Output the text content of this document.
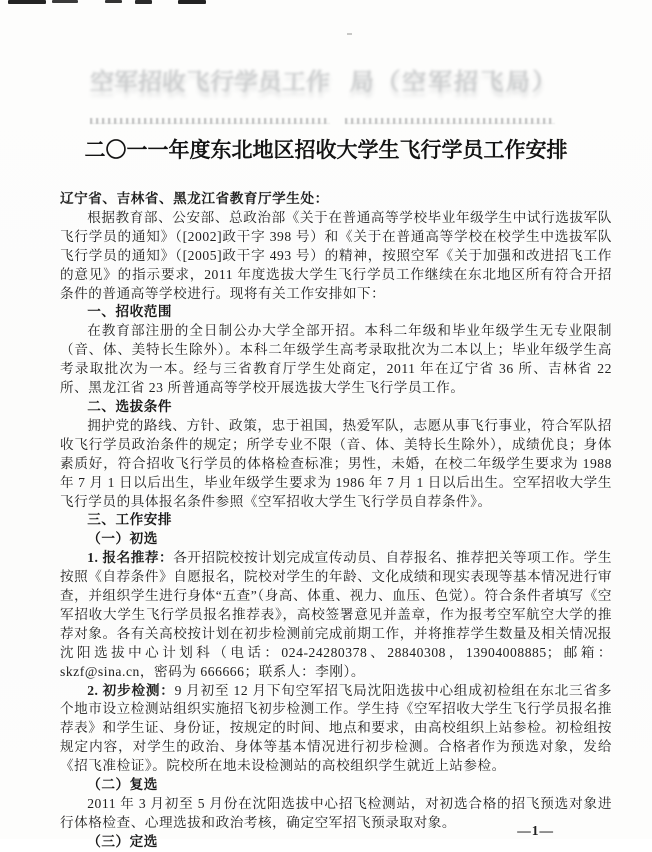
空军招收飞行学员工作 局（空军招飞局）
二〇一一年度东北地区招收大学生飞行学员工作安排

辽宁省、吉林省、黑龙江省教育厅学生处：

根据教育部、公安部、总政治部《关于在普通高等学校毕业年级学生中试行选拔军队飞行学员的通知》（[2002]政干字 398 号）和《关于在普通高等学校在校学生中选拔军队飞行学员的通知》（[2005]政干字 493 号）的精神，按照空军《关于加强和改进招飞工作的意见》的指示要求，2011 年度选拔大学生飞行学员工作继续在东北地区所有符合开招条件的普通高等学校进行。现将有关工作安排如下：

一、招收范围

在教育部注册的全日制公办大学全部开招。本科二年级和毕业年级学生无专业限制（音、体、美特长生除外）。本科二年级学生高考录取批次为二本以上；毕业年级学生高考录取批次为一本。经与三省教育厅学生处商定，2011 年在辽宁省 36 所、吉林省 22 所、黑龙江省 23 所普通高等学校开展选拔大学生飞行学员工作。

二、选拔条件

拥护党的路线、方针、政策，忠于祖国，热爱军队，志愿从事飞行事业，符合军队招收飞行学员政治条件的规定；所学专业不限（音、体、美特长生除外），成绩优良；身体素质好，符合招收飞行学员的体格检查标准；男性，未婚，在校二年级学生要求为 1988 年 7 月 1 日以后出生，毕业年级学生要求为 1986 年 7 月 1 日以后出生。空军招收大学生飞行学员的具体报名条件参照《空军招收大学生飞行学员自荐条件》。

三、工作安排

（一）初选

1. 报名推荐：各开招院校按计划完成宣传动员、自荐报名、推荐把关等项工作。学生按照《自荐条件》自愿报名，院校对学生的年龄、文化成绩和现实表现等基本情况进行审查，并组织学生进行身体“五查”（身高、体重、视力、血压、色觉）。符合条件者填写《空军招收大学生飞行学员报名推荐表》，高校签署意见并盖章，作为报考空军航空大学的推荐对象。各有关高校按计划在初步检测前完成前期工作，并将推荐学生数量及相关情况报沈阳选拔中心计划科（电话：024-24280378、28840308，13904008885；邮箱：skzf@sina.cn，密码为 666666；联系人：李刚）。

2. 初步检测：9 月初至 12 月下旬空军招飞局沈阳选拔中心组成初检组在东北三省多个地市设立检测站组织实施招飞初步检测工作。学生持《空军招收大学生飞行学员报名推荐表》和学生证、身份证，按规定的时间、地点和要求，由高校组织上站参检。初检组按规定内容，对学生的政治、身体等基本情况进行初步检测。合格者作为预选对象，发给《招飞准检证》。院校所在地未设检测站的高校组织学生就近上站参检。

（二）复选

2011 年 3 月初至 5 月份在沈阳选拔中心招飞检测站，对初选合格的招飞预选对象进行体格检查、心理选拔和政治考核，确定空军招飞预录取对象。

（三）定选

—1—
